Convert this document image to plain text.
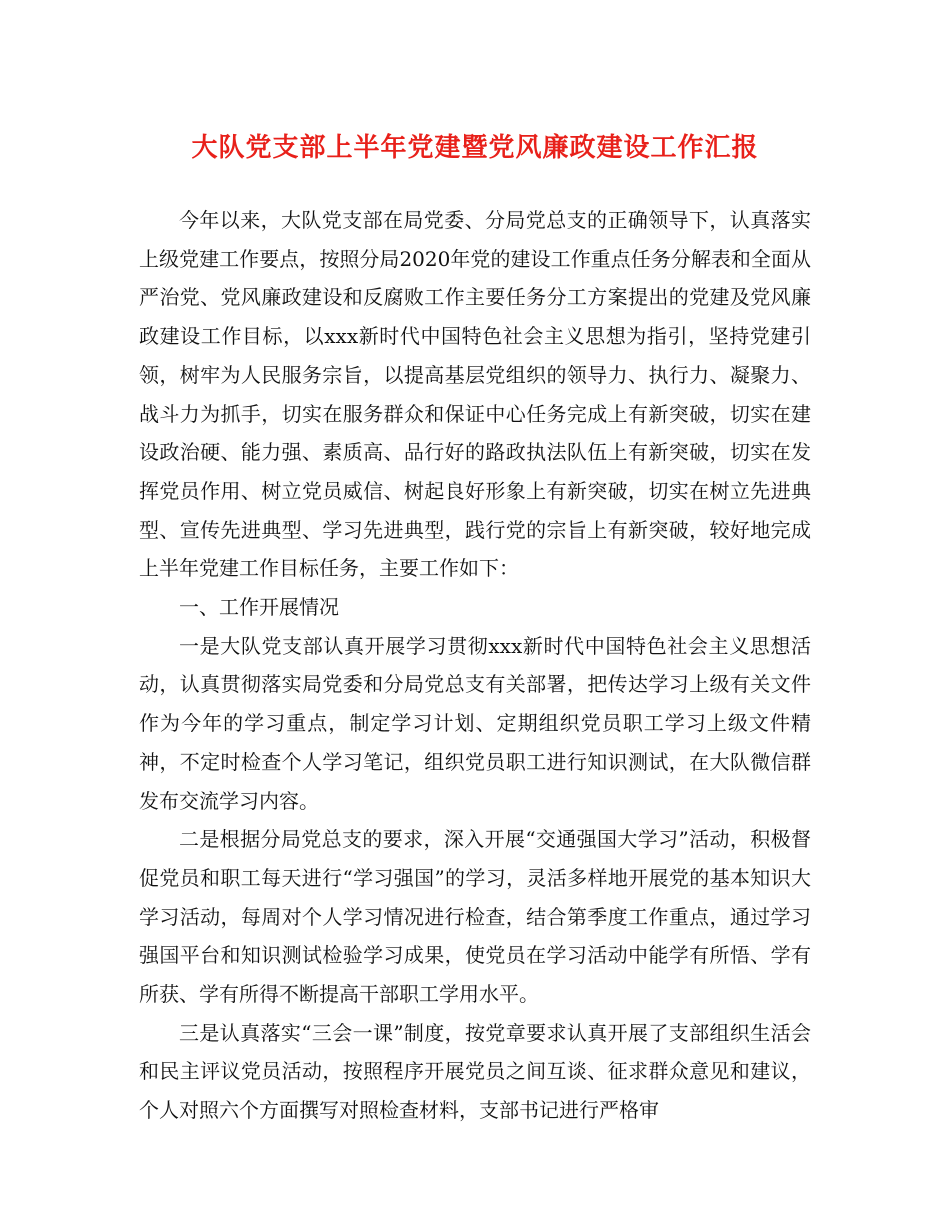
大队党支部上半年党建暨党风廉政建设工作汇报

今年以来，大队党支部在局党委、分局党总支的正确领导下，认真落实上级党建工作要点，按照分局2020年党的建设工作重点任务分解表和全面从严治党、党风廉政建设和反腐败工作主要任务分工方案提出的党建及党风廉政建设工作目标，以xxx新时代中国特色社会主义思想为指引，坚持党建引领，树牢为人民服务宗旨，以提高基层党组织的领导力、执行力、凝聚力、战斗力为抓手，切实在服务群众和保证中心任务完成上有新突破，切实在建设政治硬、能力强、素质高、品行好的路政执法队伍上有新突破，切实在发挥党员作用、树立党员威信、树起良好形象上有新突破，切实在树立先进典型、宣传先进典型、学习先进典型，践行党的宗旨上有新突破，较好地完成上半年党建工作目标任务，主要工作如下：

一、工作开展情况

一是大队党支部认真开展学习贯彻xxx新时代中国特色社会主义思想活动，认真贯彻落实局党委和分局党总支有关部署，把传达学习上级有关文件作为今年的学习重点，制定学习计划、定期组织党员职工学习上级文件精神，不定时检查个人学习笔记，组织党员职工进行知识测试，在大队微信群发布交流学习内容。

二是根据分局党总支的要求，深入开展“交通强国大学习”活动，积极督促党员和职工每天进行“学习强国”的学习，灵活多样地开展党的基本知识大学习活动，每周对个人学习情况进行检查，结合第季度工作重点，通过学习强国平台和知识测试检验学习成果，使党员在学习活动中能学有所悟、学有所获、学有所得不断提高干部职工学用水平。

三是认真落实“三会一课”制度，按党章要求认真开展了支部组织生活会和民主评议党员活动，按照程序开展党员之间互谈、征求群众意见和建议，个人对照六个方面撰写对照检查材料，支部书记进行严格审
